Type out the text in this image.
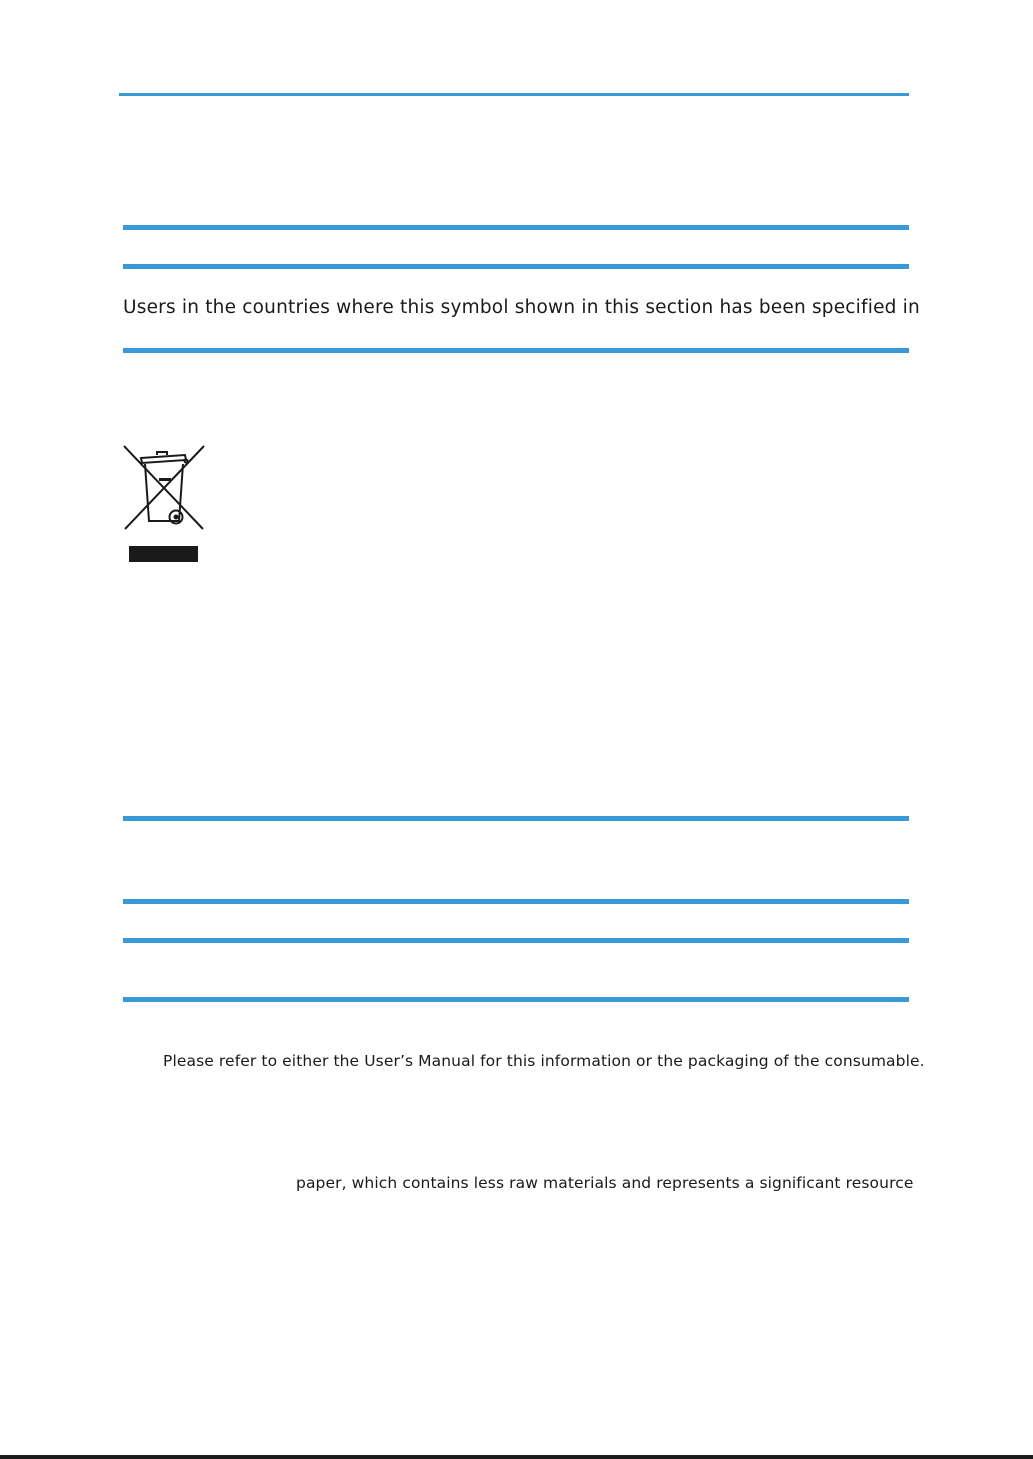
Users in the countries where this symbol shown in this section has been specified in
Please refer to either the User’s Manual for this information or the packaging of the consumable.
paper, which contains less raw materials and represents a significant resource
